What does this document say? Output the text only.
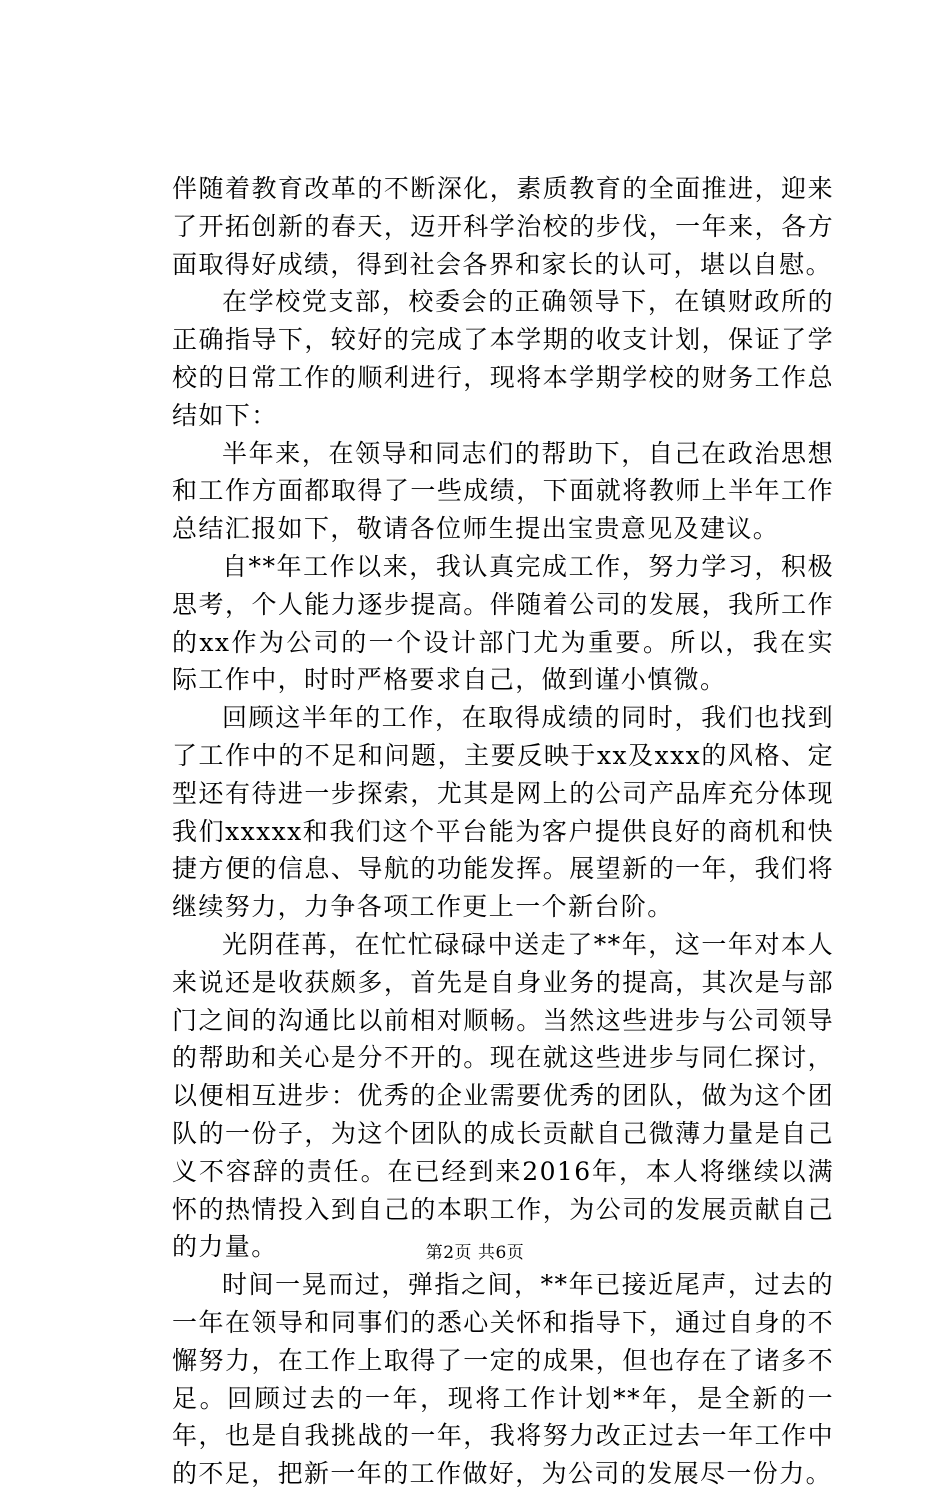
伴随着教育改革的不断深化，素质教育的全面推进，迎来了开拓创新的春天，迈开科学治校的步伐，一年来，各方面取得好成绩，得到社会各界和家长的认可，堪以自慰。

在学校党支部，校委会的正确领导下，在镇财政所的正确指导下，较好的完成了本学期的收支计划，保证了学校的日常工作的顺利进行，现将本学期学校的财务工作总结如下：

半年来，在领导和同志们的帮助下，自己在政治思想和工作方面都取得了一些成绩，下面就将教师上半年工作总结汇报如下，敬请各位师生提出宝贵意见及建议。

自**年工作以来，我认真完成工作，努力学习，积极思考，个人能力逐步提高。伴随着公司的发展，我所工作的xx作为公司的一个设计部门尤为重要。所以，我在实际工作中，时时严格要求自己，做到谨小慎微。

回顾这半年的工作，在取得成绩的同时，我们也找到了工作中的不足和问题，主要反映于xx及xxx的风格、定型还有待进一步探索，尤其是网上的公司产品库充分体现我们xxxxx和我们这个平台能为客户提供良好的商机和快捷方便的信息、导航的功能发挥。展望新的一年，我们将继续努力，力争各项工作更上一个新台阶。

光阴荏苒，在忙忙碌碌中送走了**年，这一年对本人来说还是收获颇多，首先是自身业务的提高，其次是与部门之间的沟通比以前相对顺畅。当然这些进步与公司领导的帮助和关心是分不开的。现在就这些进步与同仁探讨，以便相互进步：优秀的企业需要优秀的团队，做为这个团队的一份子，为这个团队的成长贡献自己微薄力量是自己义不容辞的责任。在已经到来2016年，本人将继续以满怀的热情投入到自己的本职工作，为公司的发展贡献自己的力量。

时间一晃而过，弹指之间，**年已接近尾声，过去的一年在领导和同事们的悉心关怀和指导下，通过自身的不懈努力，在工作上取得了一定的成果，但也存在了诸多不足。回顾过去的一年，现将工作计划**年，是全新的一年，也是自我挑战的一年，我将努力改正过去一年工作中的不足，把新一年的工作做好，为公司的发展尽一份力。

第2页 共6页
